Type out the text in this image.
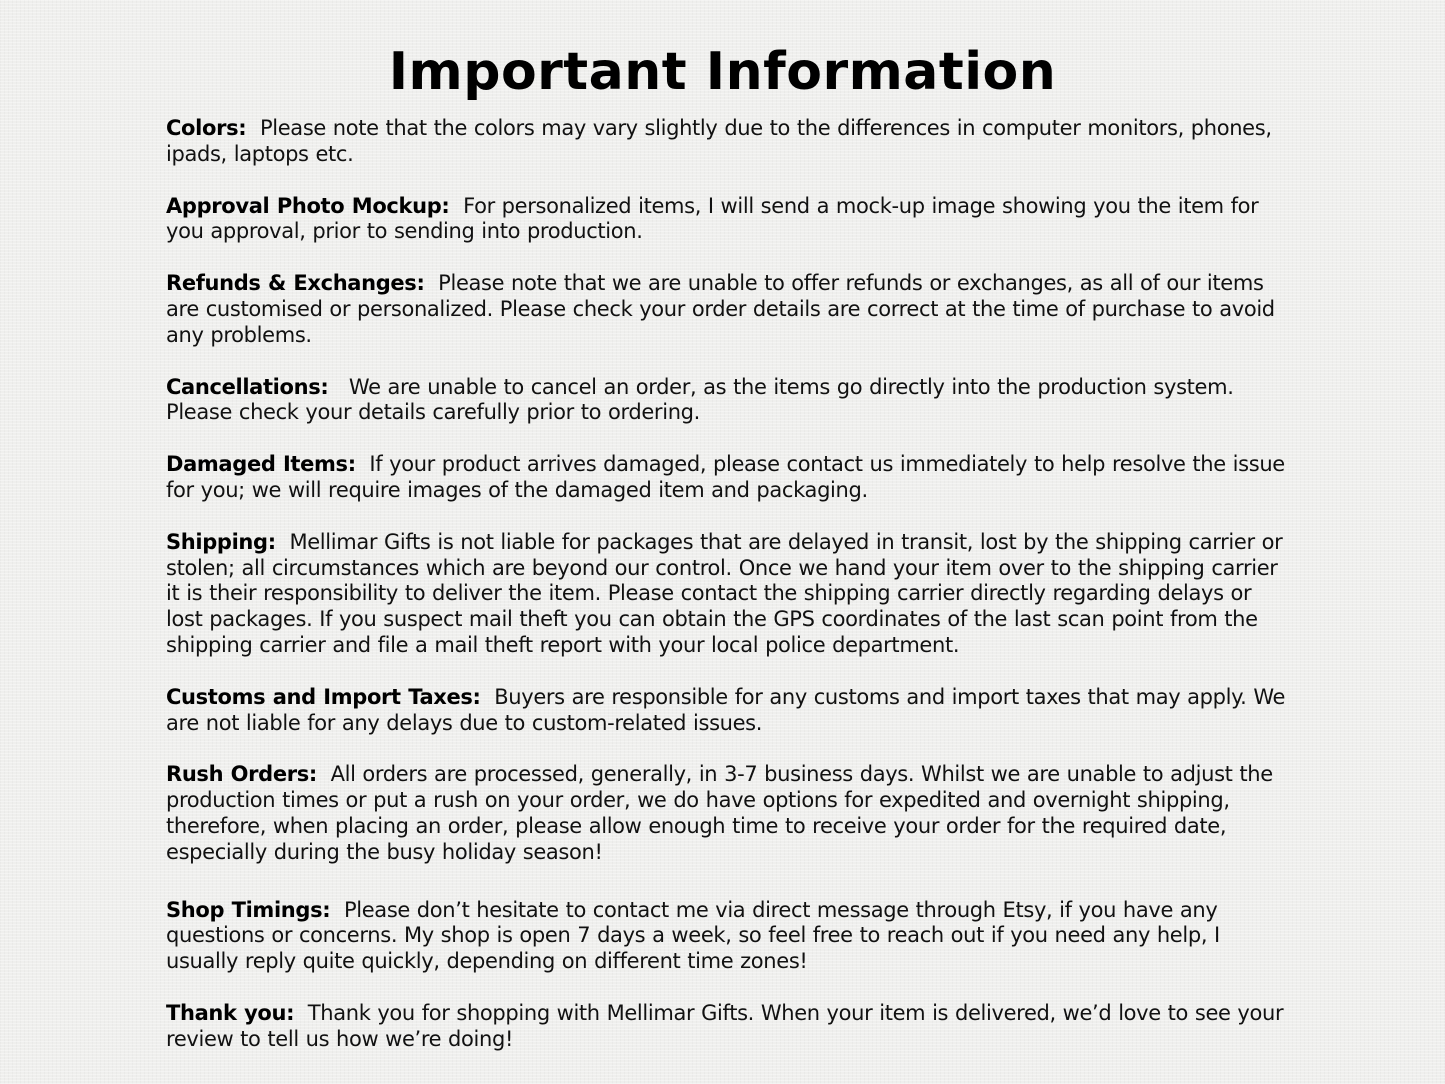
Important Information

Colors: Please note that the colors may vary slightly due to the differences in computer monitors, phones, ipads, laptops etc.

Approval Photo Mockup: For personalized items, I will send a mock-up image showing you the item for you approval, prior to sending into production.

Refunds & Exchanges: Please note that we are unable to offer refunds or exchanges, as all of our items are customised or personalized. Please check your order details are correct at the time of purchase to avoid any problems.

Cancellations: We are unable to cancel an order, as the items go directly into the production system. Please check your details carefully prior to ordering.

Damaged Items: If your product arrives damaged, please contact us immediately to help resolve the issue for you; we will require images of the damaged item and packaging.

Shipping: Mellimar Gifts is not liable for packages that are delayed in transit, lost by the shipping carrier or stolen; all circumstances which are beyond our control. Once we hand your item over to the shipping carrier it is their responsibility to deliver the item. Please contact the shipping carrier directly regarding delays or lost packages. If you suspect mail theft you can obtain the GPS coordinates of the last scan point from the shipping carrier and file a mail theft report with your local police department.

Customs and Import Taxes: Buyers are responsible for any customs and import taxes that may apply. We are not liable for any delays due to custom-related issues.

Rush Orders: All orders are processed, generally, in 3-7 business days. Whilst we are unable to adjust the production times or put a rush on your order, we do have options for expedited and overnight shipping, therefore, when placing an order, please allow enough time to receive your order for the required date, especially during the busy holiday season!

Shop Timings: Please don’t hesitate to contact me via direct message through Etsy, if you have any questions or concerns. My shop is open 7 days a week, so feel free to reach out if you need any help, I usually reply quite quickly, depending on different time zones!

Thank you: Thank you for shopping with Mellimar Gifts. When your item is delivered, we’d love to see your review to tell us how we’re doing!
